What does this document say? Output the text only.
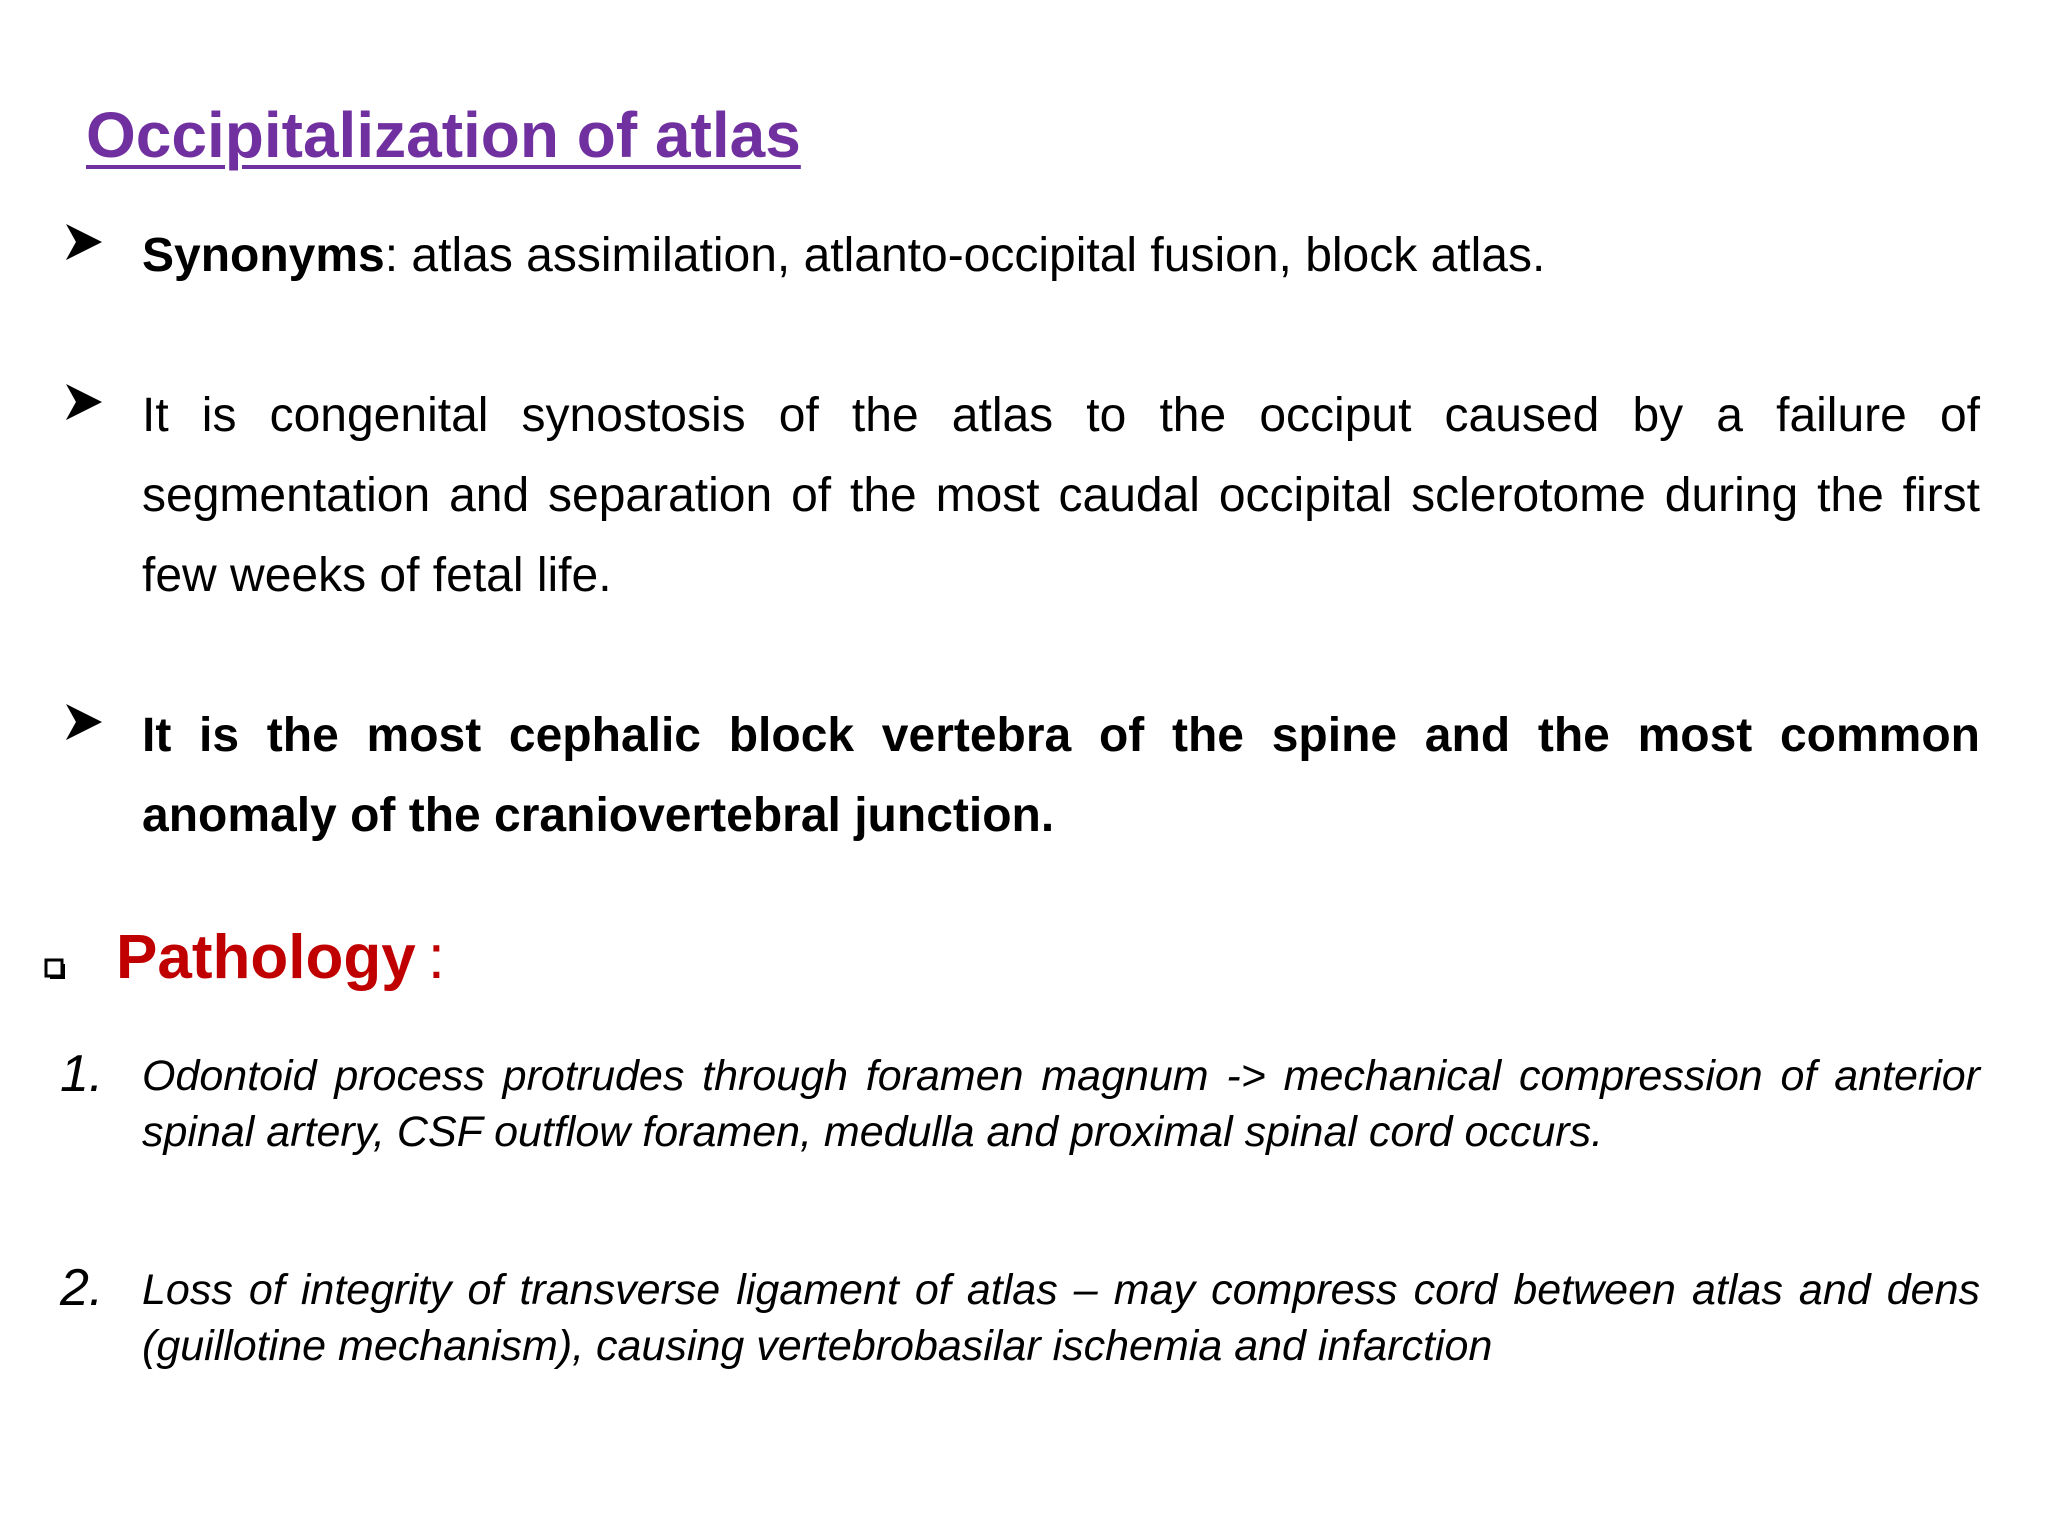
Occipitalization of atlas
Synonyms: atlas assimilation, atlanto-occipital fusion, block atlas.
It is congenital synostosis of the atlas to the occiput caused by a failure of segmentation and separation of the most caudal occipital sclerotome during the first few weeks of fetal life.
It is the most cephalic block vertebra of the spine and the most common anomaly of the craniovertebral junction.
Pathology :
1. Odontoid process protrudes through foramen magnum -> mechanical compression of anterior spinal artery, CSF outflow foramen, medulla and proximal spinal cord occurs.
2. Loss of integrity of transverse ligament of atlas – may compress cord between atlas and dens (guillotine mechanism), causing vertebrobasilar ischemia and infarction
